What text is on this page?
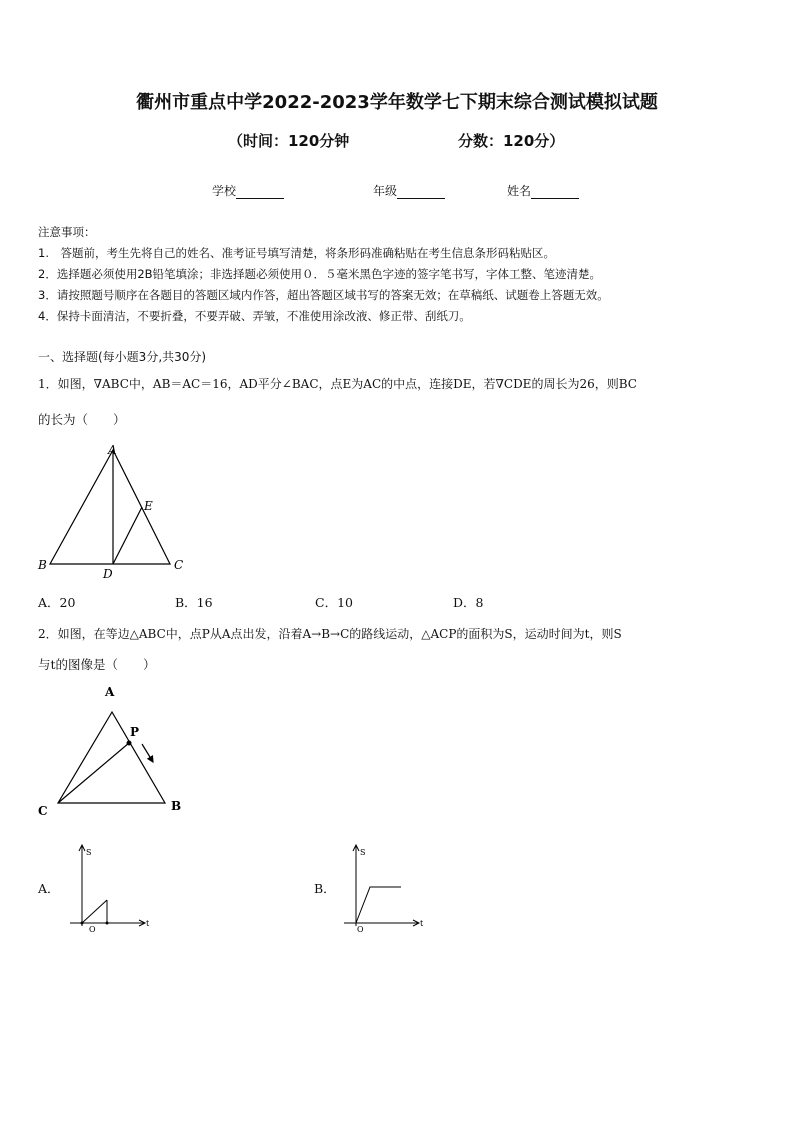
衢州市重点中学2022-2023学年数学七下期末综合测试模拟试题
（时间：120分钟	分数：120分）
学校	年级	姓名
注意事项：
1.　答题前，考生先将自己的姓名、准考证号填写清楚，将条形码准确粘贴在考生信息条形码粘贴区。
2．选择题必须使用2B铅笔填涂；非选择题必须使用０．５毫米黑色字迹的签字笔书写，字体工整、笔迹清楚。
3．请按照题号顺序在各题目的答题区域内作答，超出答题区域书写的答案无效；在草稿纸、试题卷上答题无效。
4．保持卡面清洁，不要折叠，不要弄破、弄皱，不准使用涂改液、修正带、刮纸刀。
一、选择题(每小题3分,共30分)
1．如图，∇ABC中，AB＝AC＝16，AD平分∠BAC，点E为AC的中点，连接DE，若∇CDE的周长为26，则BC
的长为（　　）
A
B	C
D
E
A．20	B．16	C．10	D．8
2．如图，在等边△ABC中，点P从A点出发，沿着A→B→C的路线运动，△ACP的面积为S，运动时间为t，则S
与t的图像是（　　）
A
P
B
C
A．
S
t
O
B．
S
t
O
